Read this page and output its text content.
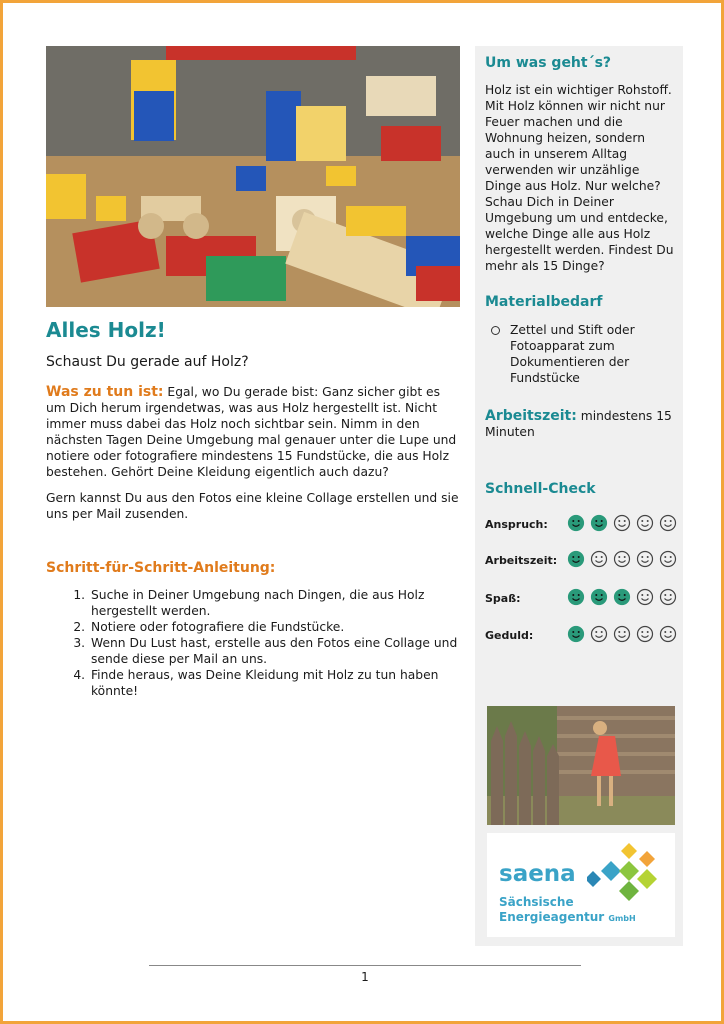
Alles Holz!
Schaust Du gerade auf Holz?
Was zu tun ist: Egal, wo Du gerade bist: Ganz sicher gibt es um Dich herum irgendetwas, was aus Holz hergestellt ist. Nicht immer muss dabei das Holz noch sichtbar sein. Nimm in den nächsten Tagen Deine Umgebung mal genauer unter die Lupe und notiere oder fotografiere mindestens 15 Fundstücke, die aus Holz bestehen. Gehört Deine Kleidung eigentlich auch dazu?
Gern kannst Du aus den Fotos eine kleine Collage erstellen und sie uns per Mail zusenden.
Schritt-für-Schritt-Anleitung:
1. Suche in Deiner Umgebung nach Dingen, die aus Holz hergestellt werden.
2. Notiere oder fotografiere die Fundstücke.
3. Wenn Du Lust hast, erstelle aus den Fotos eine Collage und sende diese per Mail an uns.
4. Finde heraus, was Deine Kleidung mit Holz zu tun haben könnte!
Um was geht´s?
Holz ist ein wichtiger Rohstoff. Mit Holz können wir nicht nur Feuer machen und die Wohnung heizen, sondern auch in unserem Alltag verwenden wir unzählige Dinge aus Holz. Nur welche? Schau Dich in Deiner Umgebung um und entdecke, welche Dinge alle aus Holz hergestellt werden. Findest Du mehr als 15 Dinge?
Materialbedarf
Zettel und Stift oder Fotoapparat zum Dokumentieren der Fundstücke
Arbeitszeit: mindestens 15 Minuten
Schnell-Check
Anspruch:
Arbeitszeit:
Spaß:
Geduld:
saena
Sächsische
Energieagentur GmbH
1
